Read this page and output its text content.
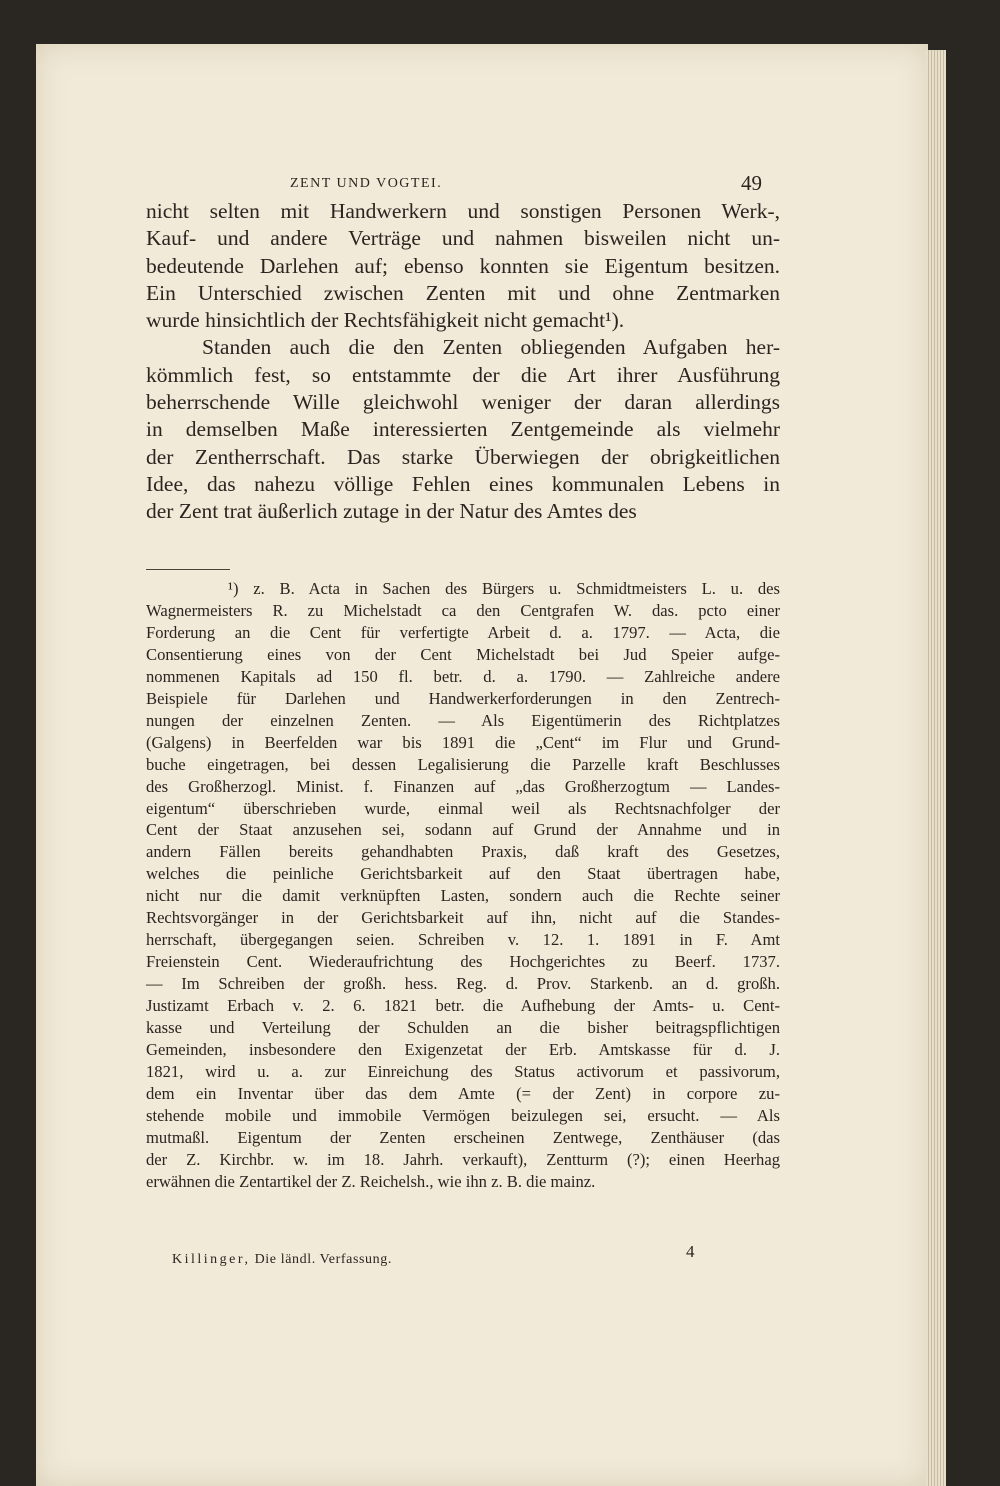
ZENT UND VOGTEI.	49
nicht selten mit Handwerkern und sonstigen Personen Werk-,
Kauf- und andere Verträge und nahmen bisweilen nicht un-
bedeutende Darlehen auf; ebenso konnten sie Eigentum besitzen.
Ein Unterschied zwischen Zenten mit und ohne Zentmarken
wurde hinsichtlich der Rechtsfähigkeit nicht gemacht¹).
Standen auch die den Zenten obliegenden Aufgaben her-
kömmlich fest, so entstammte der die Art ihrer Ausführung
beherrschende Wille gleichwohl weniger der daran allerdings
in demselben Maße interessierten Zentgemeinde als vielmehr
der Zentherrschaft. Das starke Überwiegen der obrigkeitlichen
Idee, das nahezu völlige Fehlen eines kommunalen Lebens in
der Zent trat äußerlich zutage in der Natur des Amtes des
¹) z. B. Acta in Sachen des Bürgers u. Schmidtmeisters L. u. des
Wagnermeisters R. zu Michelstadt ca den Centgrafen W. das. pcto einer
Forderung an die Cent für verfertigte Arbeit d. a. 1797. — Acta, die
Consentierung eines von der Cent Michelstadt bei Jud Speier aufge-
nommenen Kapitals ad 150 fl. betr. d. a. 1790. — Zahlreiche andere
Beispiele für Darlehen und Handwerkerforderungen in den Zentrech-
nungen der einzelnen Zenten. — Als Eigentümerin des Richtplatzes
(Galgens) in Beerfelden war bis 1891 die „Cent“ im Flur und Grund-
buche eingetragen, bei dessen Legalisierung die Parzelle kraft Beschlusses
des Großherzogl. Minist. f. Finanzen auf „das Großherzogtum — Landes-
eigentum“ überschrieben wurde, einmal weil als Rechtsnachfolger der
Cent der Staat anzusehen sei, sodann auf Grund der Annahme und in
andern Fällen bereits gehandhabten Praxis, daß kraft des Gesetzes,
welches die peinliche Gerichtsbarkeit auf den Staat übertragen habe,
nicht nur die damit verknüpften Lasten, sondern auch die Rechte seiner
Rechtsvorgänger in der Gerichtsbarkeit auf ihn, nicht auf die Standes-
herrschaft, übergegangen seien. Schreiben v. 12. 1. 1891 in F. Amt
Freienstein Cent. Wiederaufrichtung des Hochgerichtes zu Beerf. 1737.
— Im Schreiben der großh. hess. Reg. d. Prov. Starkenb. an d. großh.
Justizamt Erbach v. 2. 6. 1821 betr. die Aufhebung der Amts- u. Cent-
kasse und Verteilung der Schulden an die bisher beitragspflichtigen
Gemeinden, insbesondere den Exigenzetat der Erb. Amtskasse für d. J.
1821, wird u. a. zur Einreichung des Status activorum et passivorum,
dem ein Inventar über das dem Amte (= der Zent) in corpore zu-
stehende mobile und immobile Vermögen beizulegen sei, ersucht. — Als
mutmaßl. Eigentum der Zenten erscheinen Zentwege, Zenthäuser (das
der Z. Kirchbr. w. im 18. Jahrh. verkauft), Zentturm (?); einen Heerhag
erwähnen die Zentartikel der Z. Reichelsh., wie ihn z. B. die mainz.
Killinger, Die ländl. Verfassung.	4
